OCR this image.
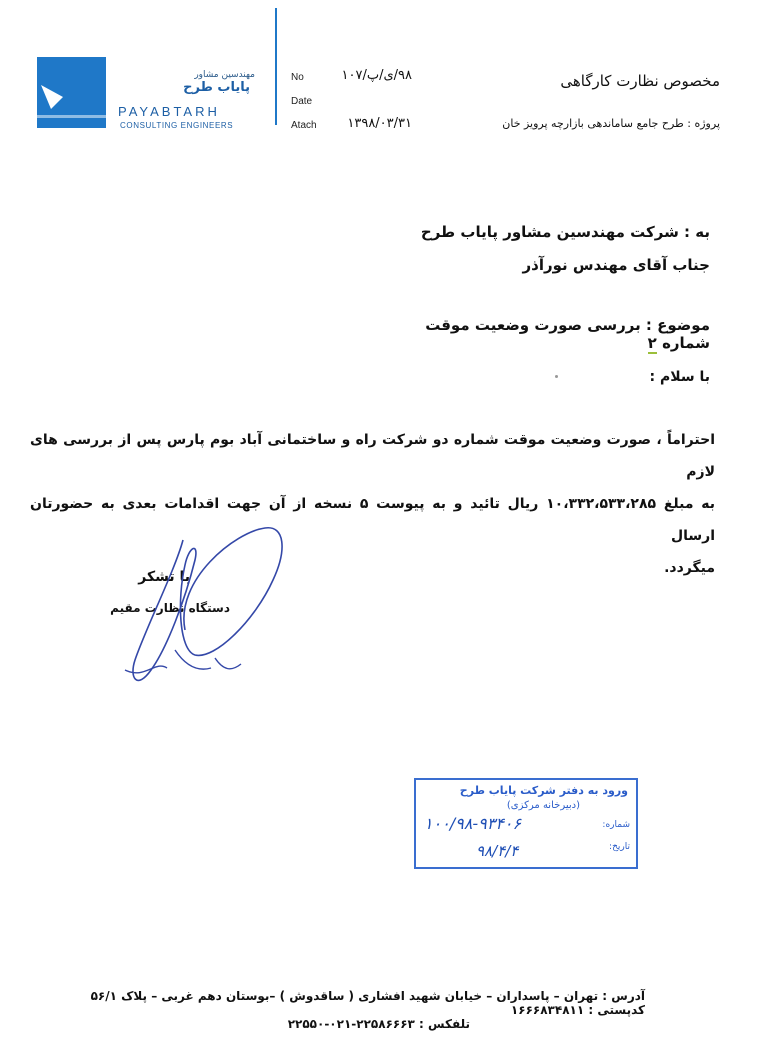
مهندسین مشاور
پایاب طرح
PAYABTARH
CONSULTING ENGINEERS
No
Date
Atach
۹۸/ی/پ/۱۰۷
۱۳۹۸/۰۳/۳۱
مخصوص نظارت کارگاهی
پروژه : طرح جامع ساماندهی بازارچه پرویز خان
به : شرکت مهندسین مشاور پایاب طرح
جناب آقای مهندس نورآذر
موضوع : بررسی صورت وضعیت موقت شماره ۲
با سلام :
احتراماً ، صورت وضعیت موقت شماره دو شرکت راه و ساختمانی آباد بوم پارس پس از بررسی های لازم
به مبلغ ۱۰،۳۳۲،۵۳۳،۲۸۵ ریال تائید و به پیوست ۵ نسخه از آن جهت اقدامات بعدی به حضورتان ارسال
میگردد.
با تشکر
دستگاه نظارت مقیم
ورود به دفتر شرکت پایاب طرح
(دبیرخانه مرکزی)
شماره:
تاریخ:
۱۰۰/۹۸-۹۳۴۰۶
۹۸/۴/۴
آدرس : تهران – پاسداران – خیابان شهید افشاری ( ساقدوش ) –بوستان دهم غربی – پلاک ۵۶/۱ کدپستی : ۱۶۶۶۸۳۴۸۱۱
تلفکس : ۲۲۵۸۶۶۶۳-۰۲۱-۲۲۵۵۰
